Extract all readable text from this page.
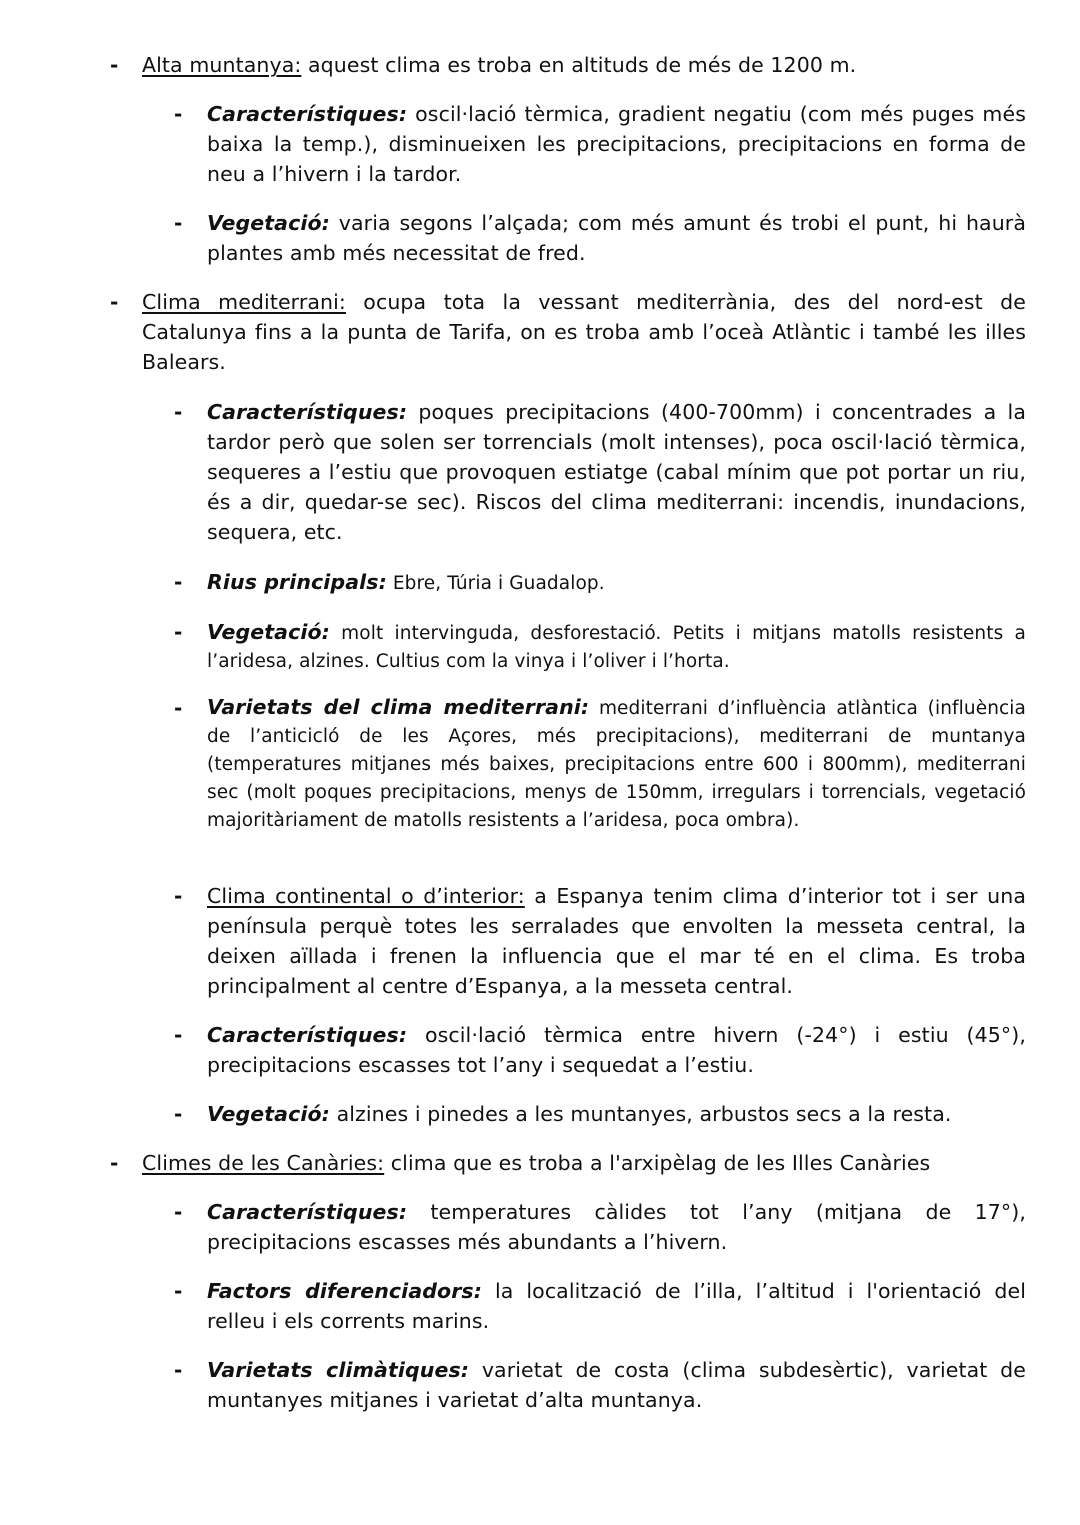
- Alta muntanya: aquest clima es troba en altituds de més de 1200 m.
- Característiques: oscil·lació tèrmica, gradient negatiu (com més puges més baixa la temp.), disminueixen les precipitacions, precipitacions en forma de neu a l’hivern i la tardor.
- Vegetació: varia segons l’alçada; com més amunt és trobi el punt, hi haurà plantes amb més necessitat de fred.
- Clima mediterrani: ocupa tota la vessant mediterrània, des del nord-est de Catalunya fins a la punta de Tarifa, on es troba amb l’oceà Atlàntic i també les illes Balears.
- Característiques: poques precipitacions (400-700mm) i concentrades a la tardor però que solen ser torrencials (molt intenses), poca oscil·lació tèrmica, sequeres a l’estiu que provoquen estiatge (cabal mínim que pot portar un riu, és a dir, quedar-se sec). Riscos del clima mediterrani: incendis, inundacions, sequera, etc.
- Rius principals: Ebre, Túria i Guadalop.
- Vegetació: molt intervinguda, desforestació. Petits i mitjans matolls resistents a l’aridesa, alzines. Cultius com la vinya i l’oliver i l’horta.
- Varietats del clima mediterrani: mediterrani d’influència atlàntica (influència de l’anticicló de les Açores, més precipitacions), mediterrani de muntanya (temperatures mitjanes més baixes, precipitacions entre 600 i 800mm), mediterrani sec (molt poques precipitacions, menys de 150mm, irregulars i torrencials, vegetació majoritàriament de matolls resistents a l’aridesa, poca ombra).
- Clima continental o d’interior: a Espanya tenim clima d’interior tot i ser una península perquè totes les serralades que envolten la messeta central, la deixen aïllada i frenen la influencia que el mar té en el clima. Es troba principalment al centre d’Espanya, a la messeta central.
- Característiques: oscil·lació tèrmica entre hivern (-24°) i estiu (45°), precipitacions escasses tot l’any i sequedat a l’estiu.
- Vegetació: alzines i pinedes a les muntanyes, arbustos secs a la resta.
- Climes de les Canàries: clima que es troba a l'arxipèlag de les Illes Canàries
- Característiques: temperatures càlides tot l’any (mitjana de 17°), precipitacions escasses més abundants a l’hivern.
- Factors diferenciadors: la localització de l’illa, l’altitud i l'orientació del relleu i els corrents marins.
- Varietats climàtiques: varietat de costa (clima subdesèrtic), varietat de muntanyes mitjanes i varietat d’alta muntanya.
